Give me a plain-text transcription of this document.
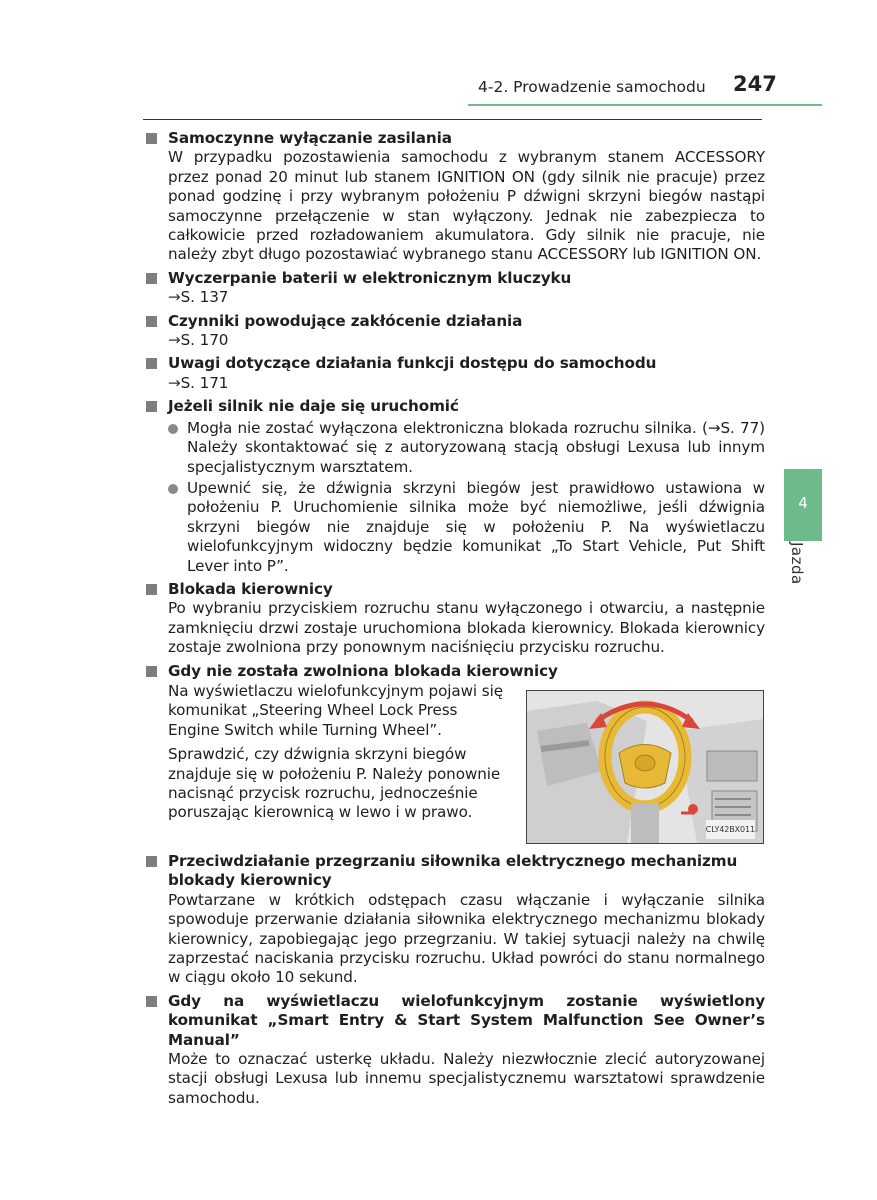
4-2. Prowadzenie samochodu 247
4
Jazda
Samoczynne wyłączanie zasilania
W przypadku pozostawienia samochodu z wybranym stanem ACCESSORY przez ponad 20 minut lub stanem IGNITION ON (gdy silnik nie pracuje) przez ponad godzinę i przy wybranym położeniu P dźwigni skrzyni biegów nastąpi samoczynne przełączenie w stan wyłączony. Jednak nie zabezpiecza to całkowicie przed rozładowaniem akumulatora. Gdy silnik nie pracuje, nie należy zbyt długo pozostawiać wybranego stanu ACCESSORY lub IGNITION ON.
Wyczerpanie baterii w elektronicznym kluczyku
→S. 137
Czynniki powodujące zakłócenie działania
→S. 170
Uwagi dotyczące działania funkcji dostępu do samochodu
→S. 171
Jeżeli silnik nie daje się uruchomić
Mogła nie zostać wyłączona elektroniczna blokada rozruchu silnika. (→S. 77) Należy skontaktować się z autoryzowaną stacją obsługi Lexusa lub innym specjalistycznym warsztatem.
Upewnić się, że dźwignia skrzyni biegów jest prawidłowo ustawiona w położeniu P. Uruchomienie silnika może być niemożliwe, jeśli dźwignia skrzyni biegów nie znajduje się w położeniu P. Na wyświetlaczu wielofunkcyjnym widoczny będzie komunikat „To Start Vehicle, Put Shift Lever into P”.
Blokada kierownicy
Po wybraniu przyciskiem rozruchu stanu wyłączonego i otwarciu, a następnie zamknięciu drzwi zostaje uruchomiona blokada kierownicy. Blokada kierownicy zostaje zwolniona przy ponownym naciśnięciu przycisku rozruchu.
Gdy nie została zwolniona blokada kierownicy
Na wyświetlaczu wielofunkcyjnym pojawi się komunikat „Steering Wheel Lock Press Engine Switch while Turning Wheel”.
Sprawdzić, czy dźwignia skrzyni biegów znajduje się w położeniu P. Należy ponownie nacisnąć przycisk rozruchu, jednocześnie poruszając kierownicą w lewo i w prawo.
CLY42BX011
Przeciwdziałanie przegrzaniu siłownika elektrycznego mechanizmu blokady kierownicy
Powtarzane w krótkich odstępach czasu włączanie i wyłączanie silnika spowoduje przerwanie działania siłownika elektrycznego mechanizmu blokady kierownicy, zapobiegając jego przegrzaniu. W takiej sytuacji należy na chwilę zaprzestać naciskania przycisku rozruchu. Układ powróci do stanu normalnego w ciągu około 10 sekund.
Gdy na wyświetlaczu wielofunkcyjnym zostanie wyświetlony komunikat „Smart Entry & Start System Malfunction See Owner’s Manual”
Może to oznaczać usterkę układu. Należy niezwłocznie zlecić autoryzowanej stacji obsługi Lexusa lub innemu specjalistycznemu warsztatowi sprawdzenie samochodu.
